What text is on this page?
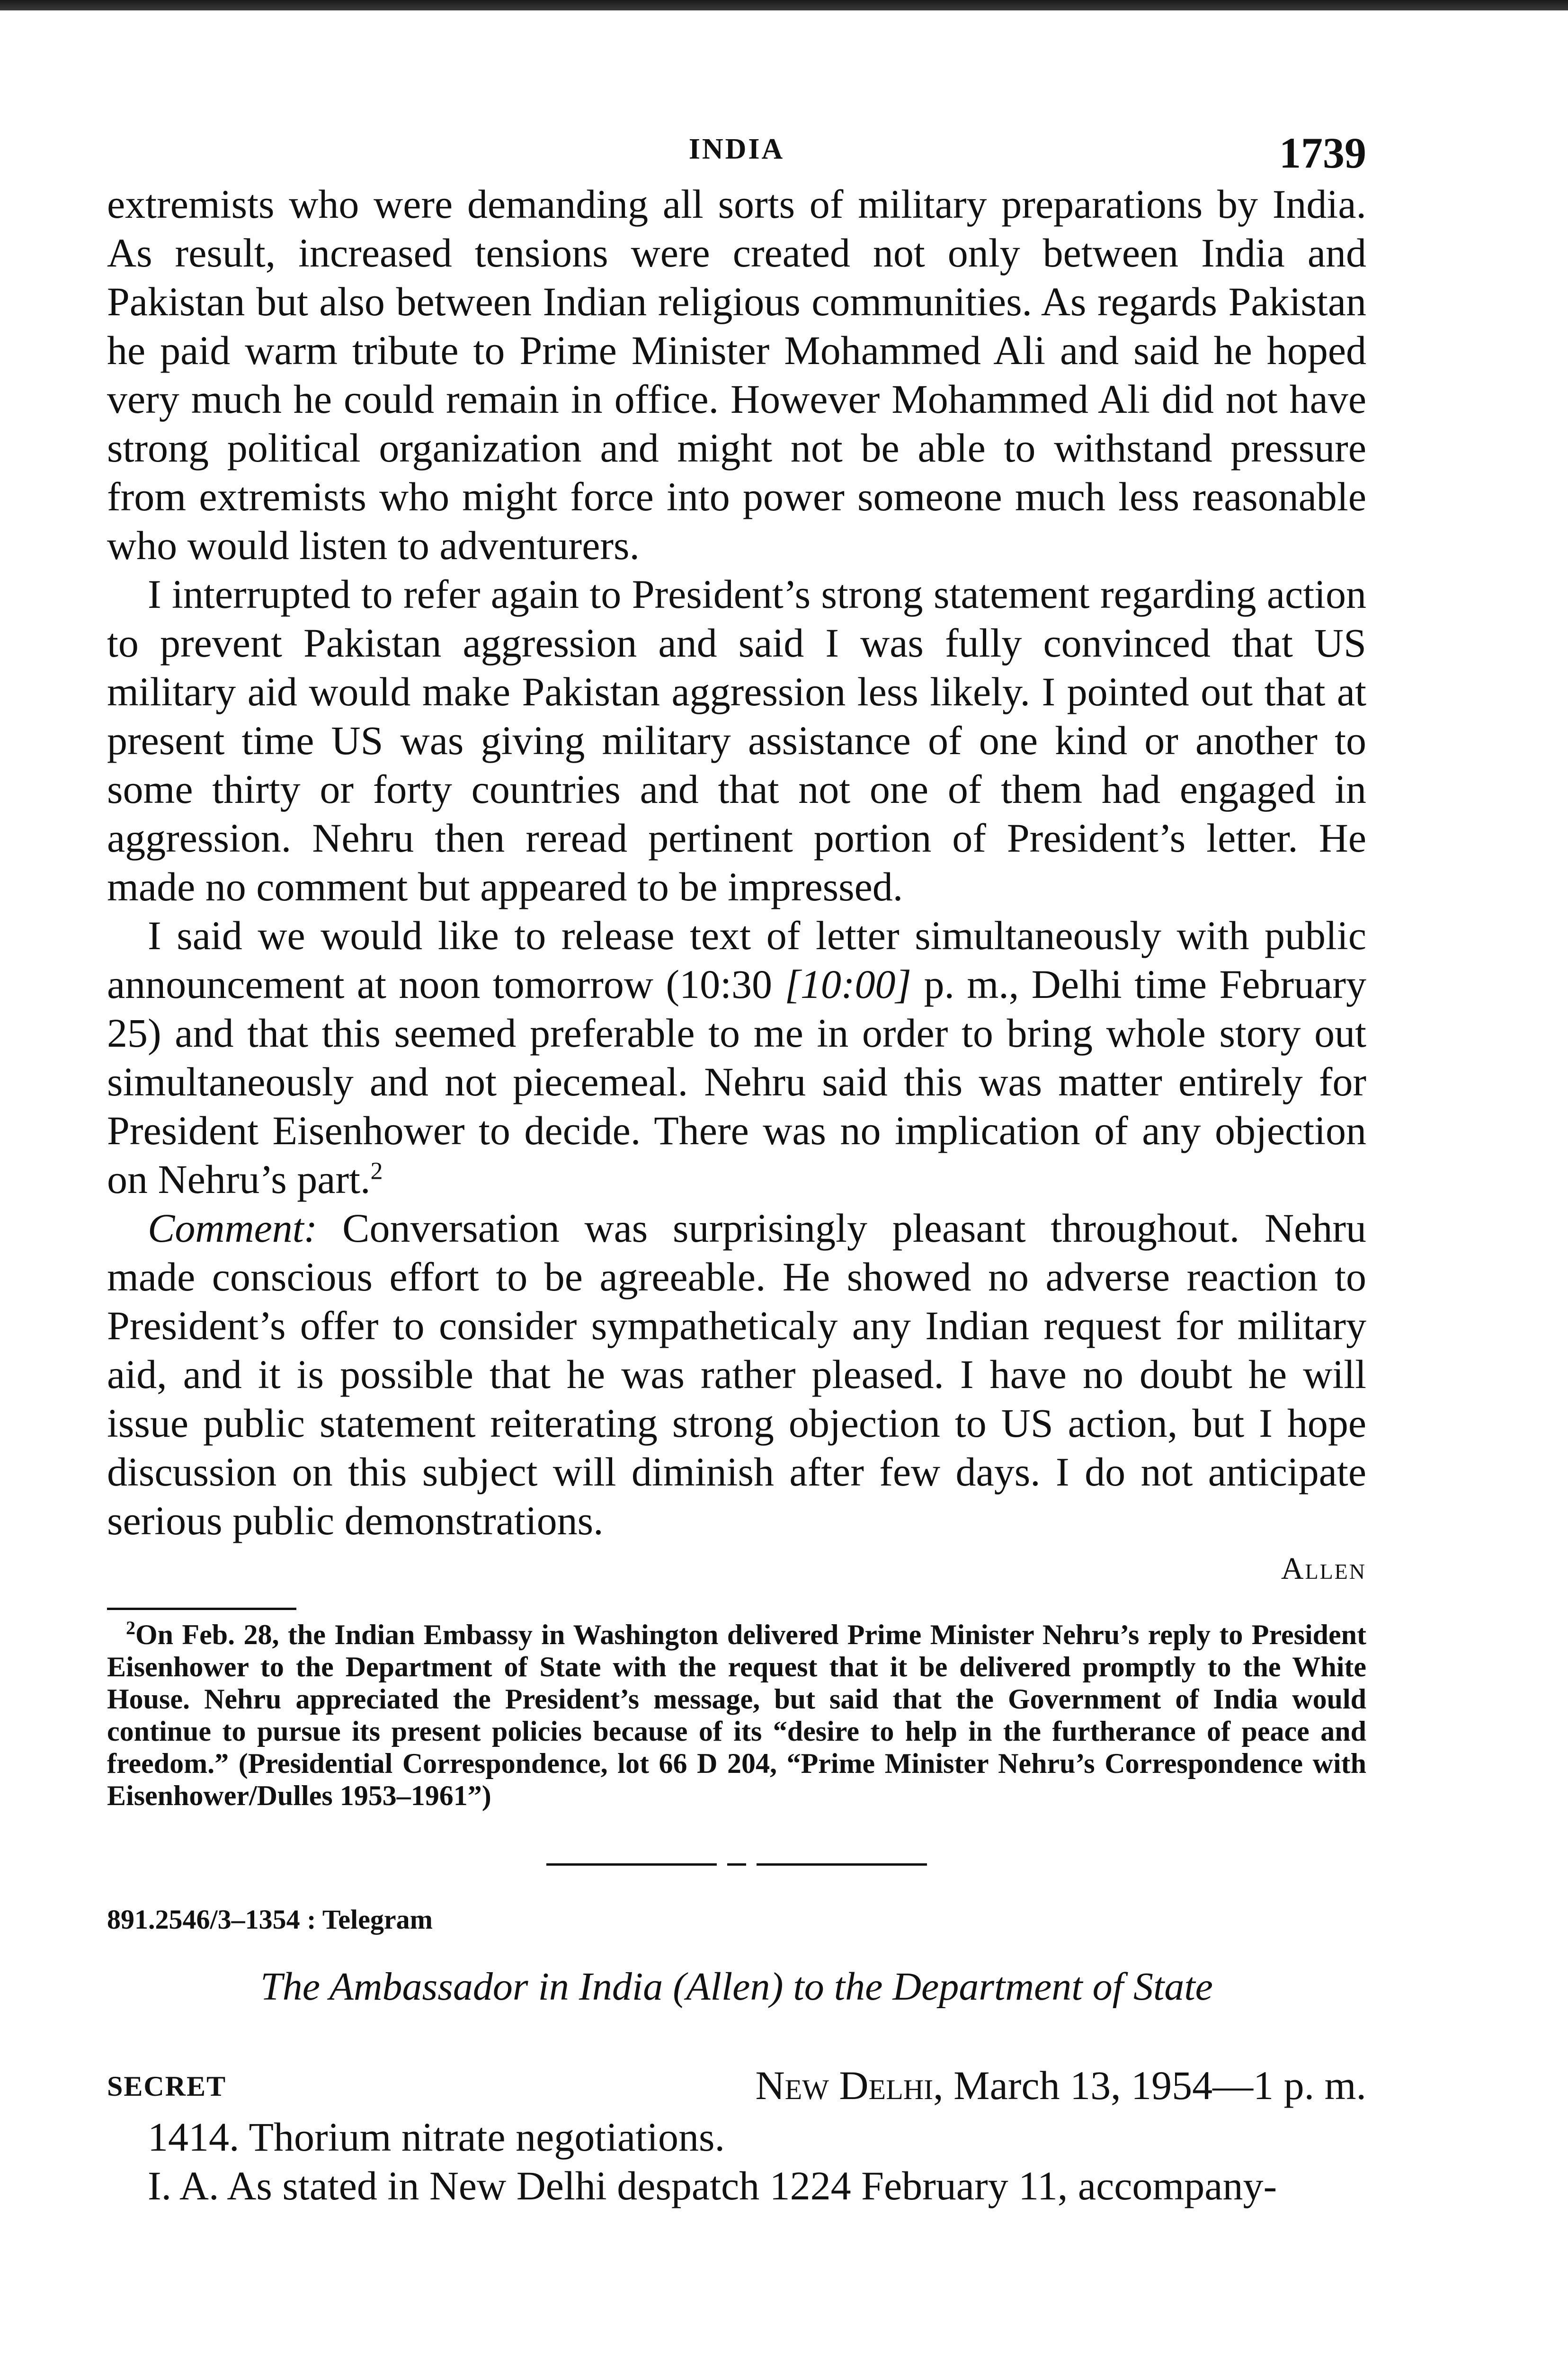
INDIA	1739

extremists who were demanding all sorts of military preparations by India. As result, increased tensions were created not only between India and Pakistan but also between Indian religious communities. As regards Pakistan he paid warm tribute to Prime Minister Mohammed Ali and said he hoped very much he could remain in office. However Mohammed Ali did not have strong political organization and might not be able to withstand pressure from extremists who might force into power someone much less reasonable who would listen to adventurers.

I interrupted to refer again to President’s strong statement regarding action to prevent Pakistan aggression and said I was fully convinced that US military aid would make Pakistan aggression less likely. I pointed out that at present time US was giving military assistance of one kind or another to some thirty or forty countries and that not one of them had engaged in aggression. Nehru then reread pertinent portion of President’s letter. He made no comment but appeared to be impressed.

I said we would like to release text of letter simultaneously with public announcement at noon tomorrow (10:30 [10:00] p. m., Delhi time February 25) and that this seemed preferable to me in order to bring whole story out simultaneously and not piecemeal. Nehru said this was matter entirely for President Eisenhower to decide. There was no implication of any objection on Nehru’s part.$^2$

Comment: Conversation was surprisingly pleasant throughout. Nehru made conscious effort to be agreeable. He showed no adverse reaction to President’s offer to consider sympatheticaly any Indian request for military aid, and it is possible that he was rather pleased. I have no doubt he will issue public statement reiterating strong objection to US action, but I hope discussion on this subject will diminish after few days. I do not anticipate serious public demonstrations.

Allen

$^2$On Feb. 28, the Indian Embassy in Washington delivered Prime Minister Nehru’s reply to President Eisenhower to the Department of State with the request that it be delivered promptly to the White House. Nehru appreciated the President’s message, but said that the Government of India would continue to pursue its present policies because of its “desire to help in the furtherance of peace and freedom.” (Presidential Correspondence, lot 66 D 204, “Prime Minister Nehru’s Correspondence with Eisenhower/Dulles 1953–1961”)

891.2546/3–1354 : Telegram

The Ambassador in India (Allen) to the Department of State

SECRET	New Delhi, March 13, 1954—1 p. m.

1414. Thorium nitrate negotiations.

I. A. As stated in New Delhi despatch 1224 February 11, accompany-
